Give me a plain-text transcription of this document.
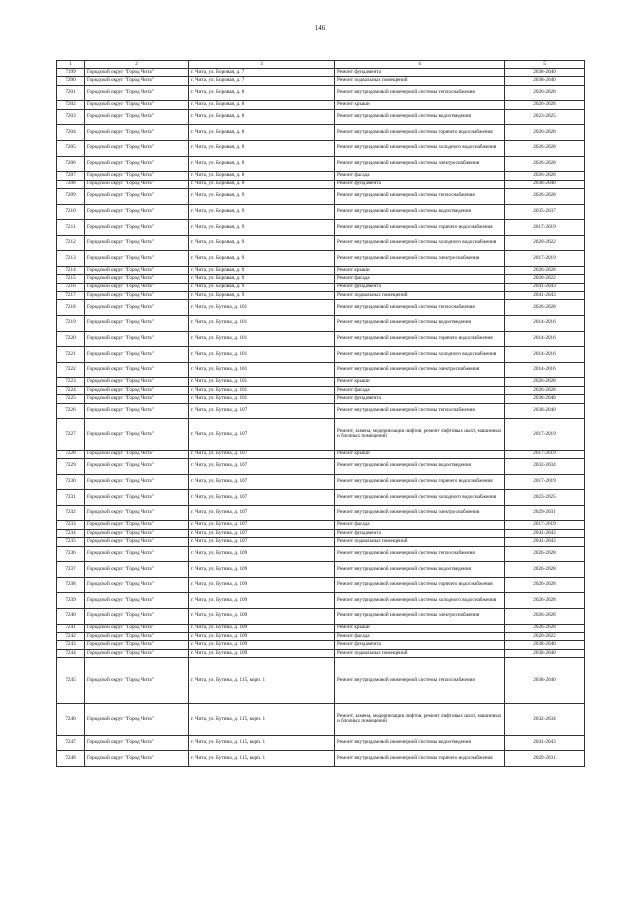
146
1	2	3	4	5
7199	Городской округ "Город Чита"	г. Чита, ул. Боровая, д. 7	Ремонт фундамента	2038-2040
7200	Городской округ "Город Чита"	г. Чита, ул. Боровая, д. 7	Ремонт подвальных помещений	2038-2040
7201	Городской округ "Город Чита"	г. Чита, ул. Боровая, д. 8	Ремонт внутридомовой инженерной системы теплоснабжения	2026-2028
7202	Городской округ "Город Чита"	г. Чита, ул. Боровая, д. 8	Ремонт крыши	2026-2028
7203	Городской округ "Город Чита"	г. Чита, ул. Боровая, д. 8	Ремонт внутридомовой инженерной системы водоотведения	2023-2025
7204	Городской округ "Город Чита"	г. Чита, ул. Боровая, д. 8	Ремонт внутридомовой инженерной системы горячего водоснабжения	2026-2028
7205	Городской округ "Город Чита"	г. Чита, ул. Боровая, д. 8	Ремонт внутридомовой инженерной системы холодного водоснабжения	2026-2028
7206	Городской округ "Город Чита"	г. Чита, ул. Боровая, д. 8	Ремонт внутридомовой инженерной системы электроснабжения	2026-2028
7207	Городской округ "Город Чита"	г. Чита, ул. Боровая, д. 8	Ремонт фасада	2026-2028
7208	Городской округ "Город Чита"	г. Чита, ул. Боровая, д. 8	Ремонт фундамента	2038-2040
7209	Городской округ "Город Чита"	г. Чита, ул. Боровая, д. 9	Ремонт внутридомовой инженерной системы теплоснабжения	2026-2028
7210	Городской округ "Город Чита"	г. Чита, ул. Боровая, д. 9	Ремонт внутридомовой инженерной системы водоотведения	2035-2037
7211	Городской округ "Город Чита"	г. Чита, ул. Боровая, д. 9	Ремонт внутридомовой инженерной системы горячего водоснабжения	2017-2019
7212	Городской округ "Город Чита"	г. Чита, ул. Боровая, д. 9	Ремонт внутридомовой инженерной системы холодного водоснабжения	2020-2022
7213	Городской округ "Город Чита"	г. Чита, ул. Боровая, д. 9	Ремонт внутридомовой инженерной системы электроснабжения	2017-2019
7214	Городской округ "Город Чита"	г. Чита, ул. Боровая, д. 9	Ремонт крыши	2026-2028
7215	Городской округ "Город Чита"	г. Чита, ул. Боровая, д. 9	Ремонт фасада	2020-2022
7216	Городской округ "Город Чита"	г. Чита, ул. Боровая, д. 9	Ремонт фундамента	2041-2043
7217	Городской округ "Город Чита"	г. Чита, ул. Боровая, д. 9	Ремонт подвальных помещений	2041-2043
7218	Городской округ "Город Чита"	г. Чита, ул. Бутина, д. 101	Ремонт внутридомовой инженерной системы теплоснабжения	2026-2028
7219	Городской округ "Город Чита"	г. Чита, ул. Бутина, д. 101	Ремонт внутридомовой инженерной системы водоотведения	2014-2016
7220	Городской округ "Город Чита"	г. Чита, ул. Бутина, д. 101	Ремонт внутридомовой инженерной системы горячего водоснабжения	2014-2016
7221	Городской округ "Город Чита"	г. Чита, ул. Бутина, д. 101	Ремонт внутридомовой инженерной системы холодного водоснабжения	2014-2016
7222	Городской округ "Город Чита"	г. Чита, ул. Бутина, д. 101	Ремонт внутридомовой инженерной системы электроснабжения	2014-2016
7223	Городской округ "Город Чита"	г. Чита, ул. Бутина, д. 101	Ремонт крыши	2026-2028
7224	Городской округ "Город Чита"	г. Чита, ул. Бутина, д. 101	Ремонт фасада	2026-2028
7225	Городской округ "Город Чита"	г. Чита, ул. Бутина, д. 101	Ремонт фундамента	2038-2040
7226	Городской округ "Город Чита"	г. Чита, ул. Бутина, д. 107	Ремонт внутридомовой инженерной системы теплоснабжения	2038-2040
7227	Городской округ "Город Чита"	г. Чита, ул. Бутина, д. 107	Ремонт, замена, модернизация лифтов, ремонт лифтовых шахт, машинных и блочных помещений	2017-2019
7228	Городской округ "Город Чита"	г. Чита, ул. Бутина, д. 107	Ремонт крыши	2017-2019
7229	Городской округ "Город Чита"	г. Чита, ул. Бутина, д. 107	Ремонт внутридомовой инженерной системы водоотведения	2032-2034
7230	Городской округ "Город Чита"	г. Чита, ул. Бутина, д. 107	Ремонт внутридомовой инженерной системы горячего водоснабжения	2017-2019
7231	Городской округ "Город Чита"	г. Чита, ул. Бутина, д. 107	Ремонт внутридомовой инженерной системы холодного водоснабжения	2023-2025
7232	Городской округ "Город Чита"	г. Чита, ул. Бутина, д. 107	Ремонт внутридомовой инженерной системы электроснабжения	2029-2031
7233	Городской округ "Город Чита"	г. Чита, ул. Бутина, д. 107	Ремонт фасада	2017-2019
7234	Городской округ "Город Чита"	г. Чита, ул. Бутина, д. 107	Ремонт фундамента	2041-2043
7235	Городской округ "Город Чита"	г. Чита, ул. Бутина, д. 107	Ремонт подвальных помещений	2041-2043
7236	Городской округ "Город Чита"	г. Чита, ул. Бутина, д. 109	Ремонт внутридомовой инженерной системы теплоснабжения	2026-2028
7237	Городской округ "Город Чита"	г. Чита, ул. Бутина, д. 109	Ремонт внутридомовой инженерной системы водоотведения	2026-2028
7238	Городской округ "Город Чита"	г. Чита, ул. Бутина, д. 109	Ремонт внутридомовой инженерной системы горячего водоснабжения	2026-2028
7239	Городской округ "Город Чита"	г. Чита, ул. Бутина, д. 109	Ремонт внутридомовой инженерной системы холодного водоснабжения	2026-2028
7240	Городской округ "Город Чита"	г. Чита, ул. Бутина, д. 109	Ремонт внутридомовой инженерной системы электроснабжения	2026-2028
7241	Городской округ "Город Чита"	г. Чита, ул. Бутина, д. 109	Ремонт крыши	2026-2028
7242	Городской округ "Город Чита"	г. Чита, ул. Бутина, д. 109	Ремонт фасада	2020-2022
7243	Городской округ "Город Чита"	г. Чита, ул. Бутина, д. 109	Ремонт фундамента	2038-2040
7244	Городской округ "Город Чита"	г. Чита, ул. Бутина, д. 109	Ремонт подвальных помещений	2038-2040
7245	Городской округ "Город Чита"	г. Чита, ул. Бутина, д. 115, корп. 1	Ремонт внутридомовой инженерной системы теплоснабжения	2038-2040
7246	Городской округ "Город Чита"	г. Чита, ул. Бутина, д. 115, корп. 1	Ремонт, замена, модернизация лифтов, ремонт лифтовых шахт, машинных и блочных помещений	2032-2034
7247	Городской округ "Город Чита"	г. Чита, ул. Бутина, д. 115, корп. 1	Ремонт внутридомовой инженерной системы водоотведения	2041-2043
7248	Городской округ "Город Чита"	г. Чита, ул. Бутина, д. 115, корп. 1	Ремонт внутридомовой инженерной системы горячего водоснабжения	2029-2031
